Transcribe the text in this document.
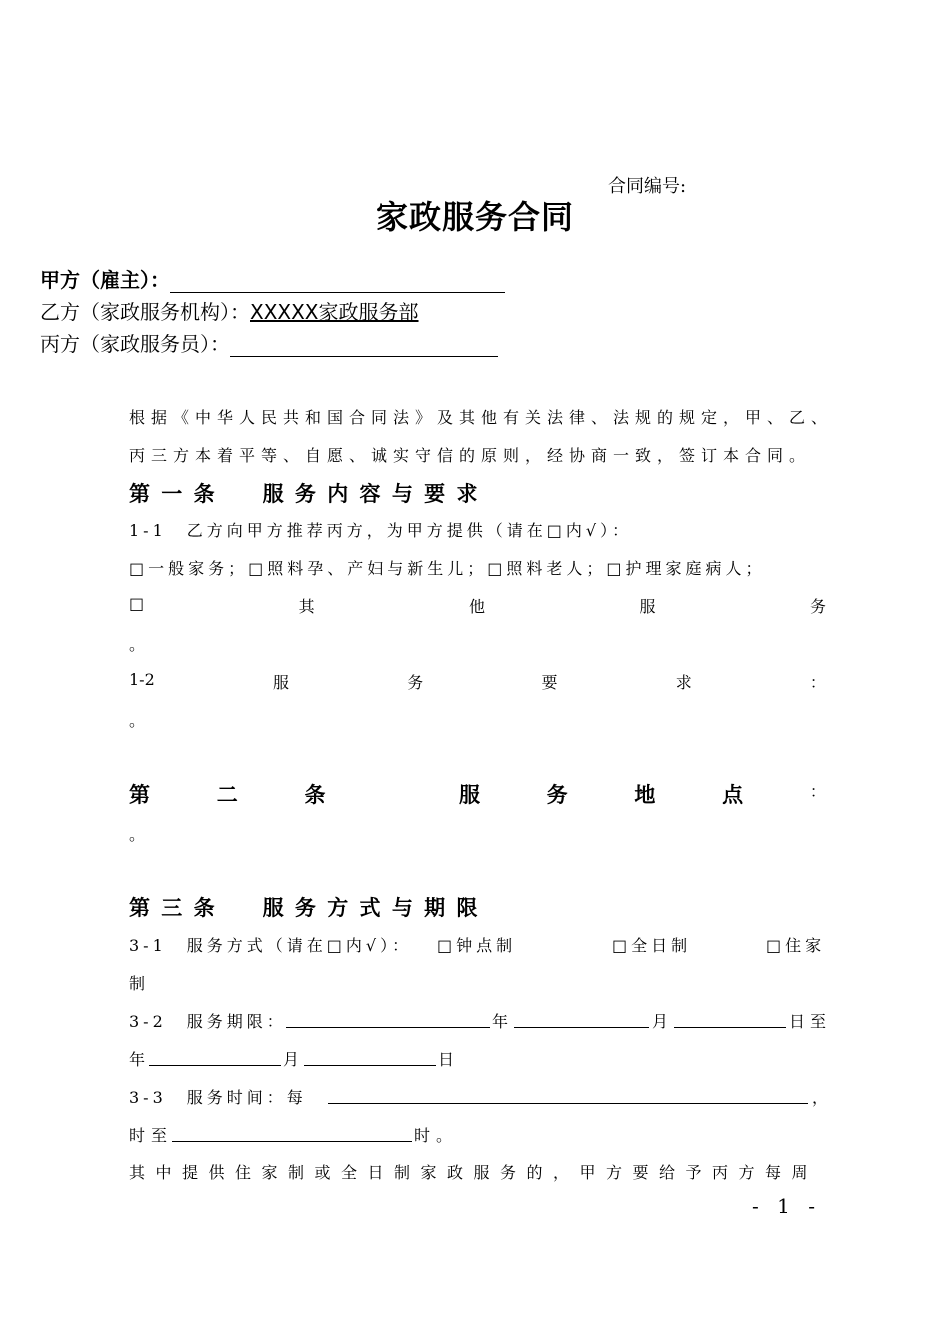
合同编号:
家政服务合同
甲方（雇主）：
乙方（家政服务机构）：XXXXX家政服务部
丙方（家政服务员）：
根据《中华人民共和国合同法》及其他有关法律、法规的规定，甲、乙、
丙三方本着平等、自愿、诚实守信的原则，经协商一致，签订本合同。
第 一 条　　服 务 内 容 与 要 求
1-1　乙方向甲方推荐丙方，为甲方提供（请在□内√）：
□一般家务；□照料孕、产妇与新生儿；□照料老人；□护理家庭病人；
□	其	他	服	务
。
1-2	服	务	要	求	：
。
第	二	条	服	务	地	点	：
。
第 三 条　　服 务 方 式 与 期 限
3-1　服务方式（请在□内√）： □钟点制	□全日制	□住家
制
3-2　服务期限：	年	月	日
至
年	月	日
3-3　服务时间：每	，
时至	时。
其中提供住家制或全日制家政服务的，甲方要给予丙方每周
- 1 -
